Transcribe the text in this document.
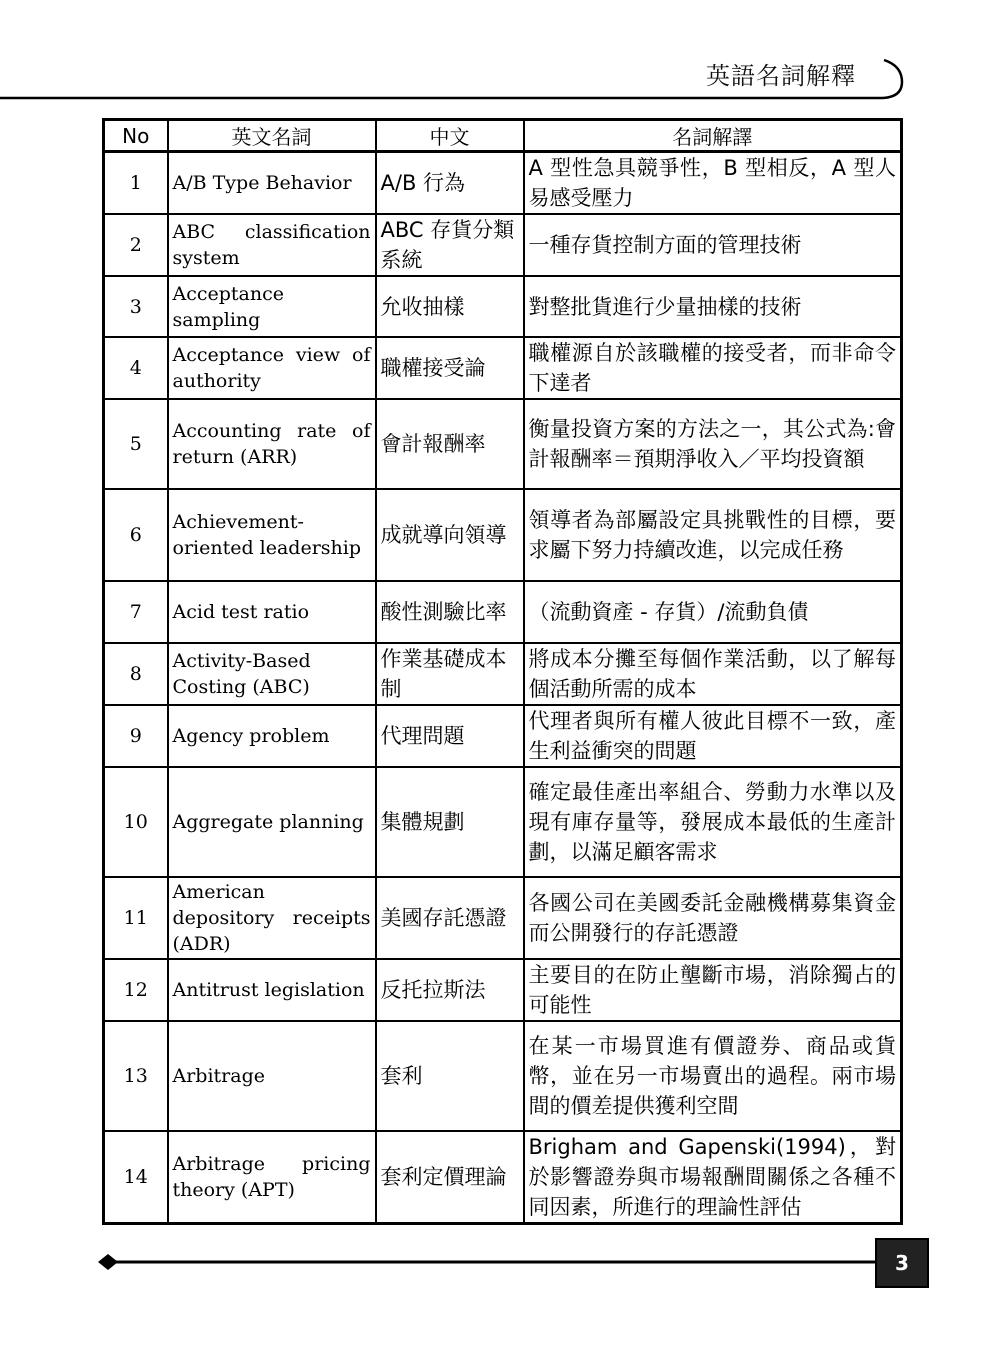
英語名詞解釋
No	英文名詞	中文	名詞解譯
1	A/B Type Behavior	A/B 行為	A 型性急具競爭性，B 型相反，A 型人易感受壓力
2	ABC classification system	ABC 存貨分類系統	一種存貨控制方面的管理技術
3	Acceptance sampling	允收抽樣	對整批貨進行少量抽樣的技術
4	Acceptance view of authority	職權接受論	職權源自於該職權的接受者，而非命令下達者
5	Accounting rate of return (ARR)	會計報酬率	衡量投資方案的方法之一，其公式為:會計報酬率＝預期淨收入／平均投資額
6	Achievement-oriented leadership	成就導向領導	領導者為部屬設定具挑戰性的目標，要求屬下努力持續改進，以完成任務
7	Acid test ratio	酸性測驗比率	（流動資產 - 存貨）/流動負債
8	Activity-Based Costing (ABC)	作業基礎成本制	將成本分攤至每個作業活動，以了解每個活動所需的成本
9	Agency problem	代理問題	代理者與所有權人彼此目標不一致，產生利益衝突的問題
10	Aggregate planning	集體規劃	確定最佳產出率組合、勞動力水準以及現有庫存量等，發展成本最低的生產計劃，以滿足顧客需求
11	American depository receipts (ADR)	美國存託憑證	各國公司在美國委託金融機構募集資金而公開發行的存託憑證
12	Antitrust legislation	反托拉斯法	主要目的在防止壟斷市場，消除獨占的可能性
13	Arbitrage	套利	在某一市場買進有價證券、商品或貨幣，並在另一市場賣出的過程。兩市場間的價差提供獲利空間
14	Arbitrage pricing theory (APT)	套利定價理論	Brigham and Gapenski(1994)，對於影響證券與市場報酬間關係之各種不同因素，所進行的理論性評估
3
